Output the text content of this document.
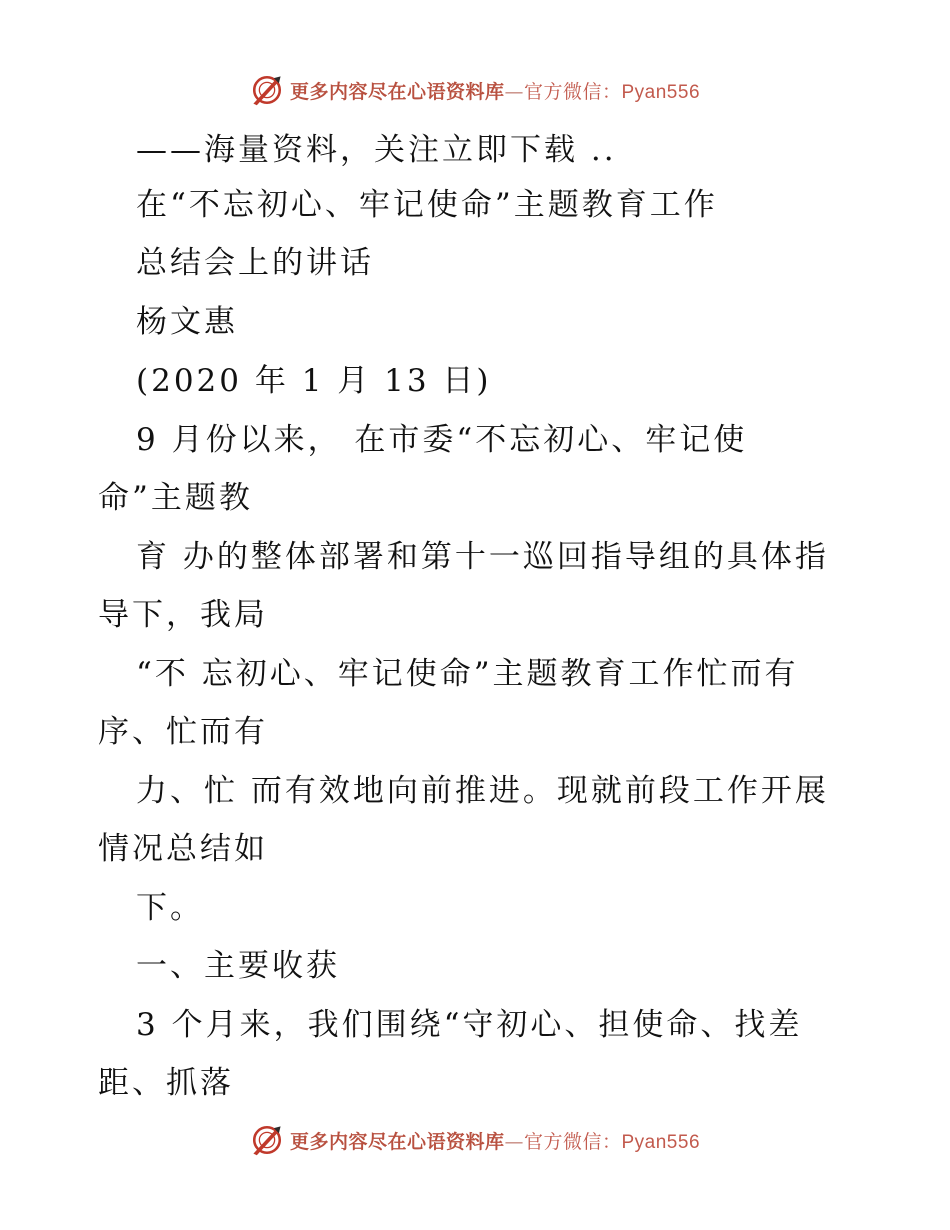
更多内容尽在心语资料库—官方微信：Pyan556
——海量资料，关注立即下载 ..
在“不忘初心、牢记使命”主题教育工作
总结会上的讲话
杨文惠
(2020 年 1 月 13 日)
9 月份以来， 在市委“不忘初心、牢记使
命”主题教
育 办的整体部署和第十一巡回指导组的具体指
导下，我局
“不 忘初心、牢记使命”主题教育工作忙而有
序、忙而有
力、忙 而有效地向前推进。现就前段工作开展
情况总结如
下。
一、主要收获
3 个月来，我们围绕“守初心、担使命、找差
距、抓落
更多内容尽在心语资料库—官方微信：Pyan556
